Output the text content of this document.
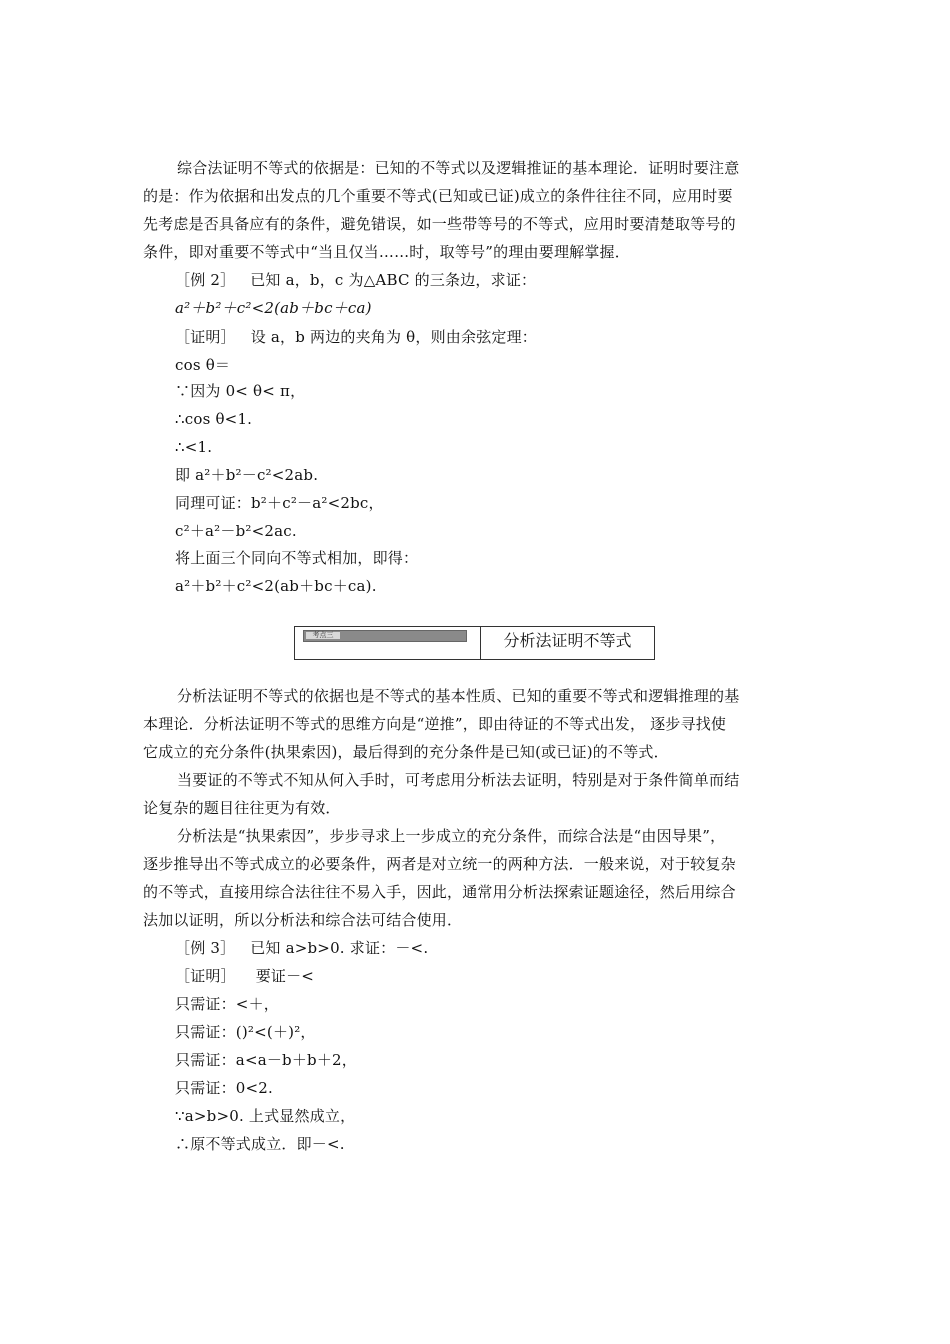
综合法证明不等式的依据是：已知的不等式以及逻辑推证的基本理论．证明时要注意
的是：作为依据和出发点的几个重要不等式(已知或已证)成立的条件往往不同，应用时要
先考虑是否具备应有的条件，避免错误，如一些带等号的不等式，应用时要清楚取等号的
条件，即对重要不等式中“当且仅当……时，取等号”的理由要理解掌握．
［例 2］ 已知 a，b，c 为△ABC 的三条边，求证：
a²＋b²＋c²<2(ab＋bc＋ca)
［证明］ 设 a，b 两边的夹角为 θ，则由余弦定理：
cos θ＝
∵因为 0< θ< π，
∴cos θ<1.
∴<1.
即 a²＋b²－c²<2ab.
同理可证：b²＋c²－a²<2bc，
c²＋a²－b²<2ac.
将上面三个同向不等式相加，即得：
a²＋b²＋c²<2(ab＋bc＋ca).
考点三	分析法证明不等式
分析法证明不等式的依据也是不等式的基本性质、已知的重要不等式和逻辑推理的基
本理论．分析法证明不等式的思维方向是“逆推”，即由待证的不等式出发， 逐步寻找使
它成立的充分条件(执果索因)，最后得到的充分条件是已知(或已证)的不等式．
当要证的不等式不知从何入手时，可考虑用分析法去证明，特别是对于条件简单而结
论复杂的题目往往更为有效．
分析法是“执果索因”，步步寻求上一步成立的充分条件，而综合法是“由因导果”，
逐步推导出不等式成立的必要条件，两者是对立统一的两种方法．一般来说，对于较复杂
的不等式，直接用综合法往往不易入手，因此，通常用分析法探索证题途径，然后用综合
法加以证明，所以分析法和综合法可结合使用．
［例 3］ 已知 a>b>0. 求证：－<.
［证明］ 要证－<
只需证：<＋，
只需证：()²<(＋)²，
只需证：a<a－b＋b＋2，
只需证：0<2.
∵a>b>0. 上式显然成立，
∴原不等式成立．即－<.
